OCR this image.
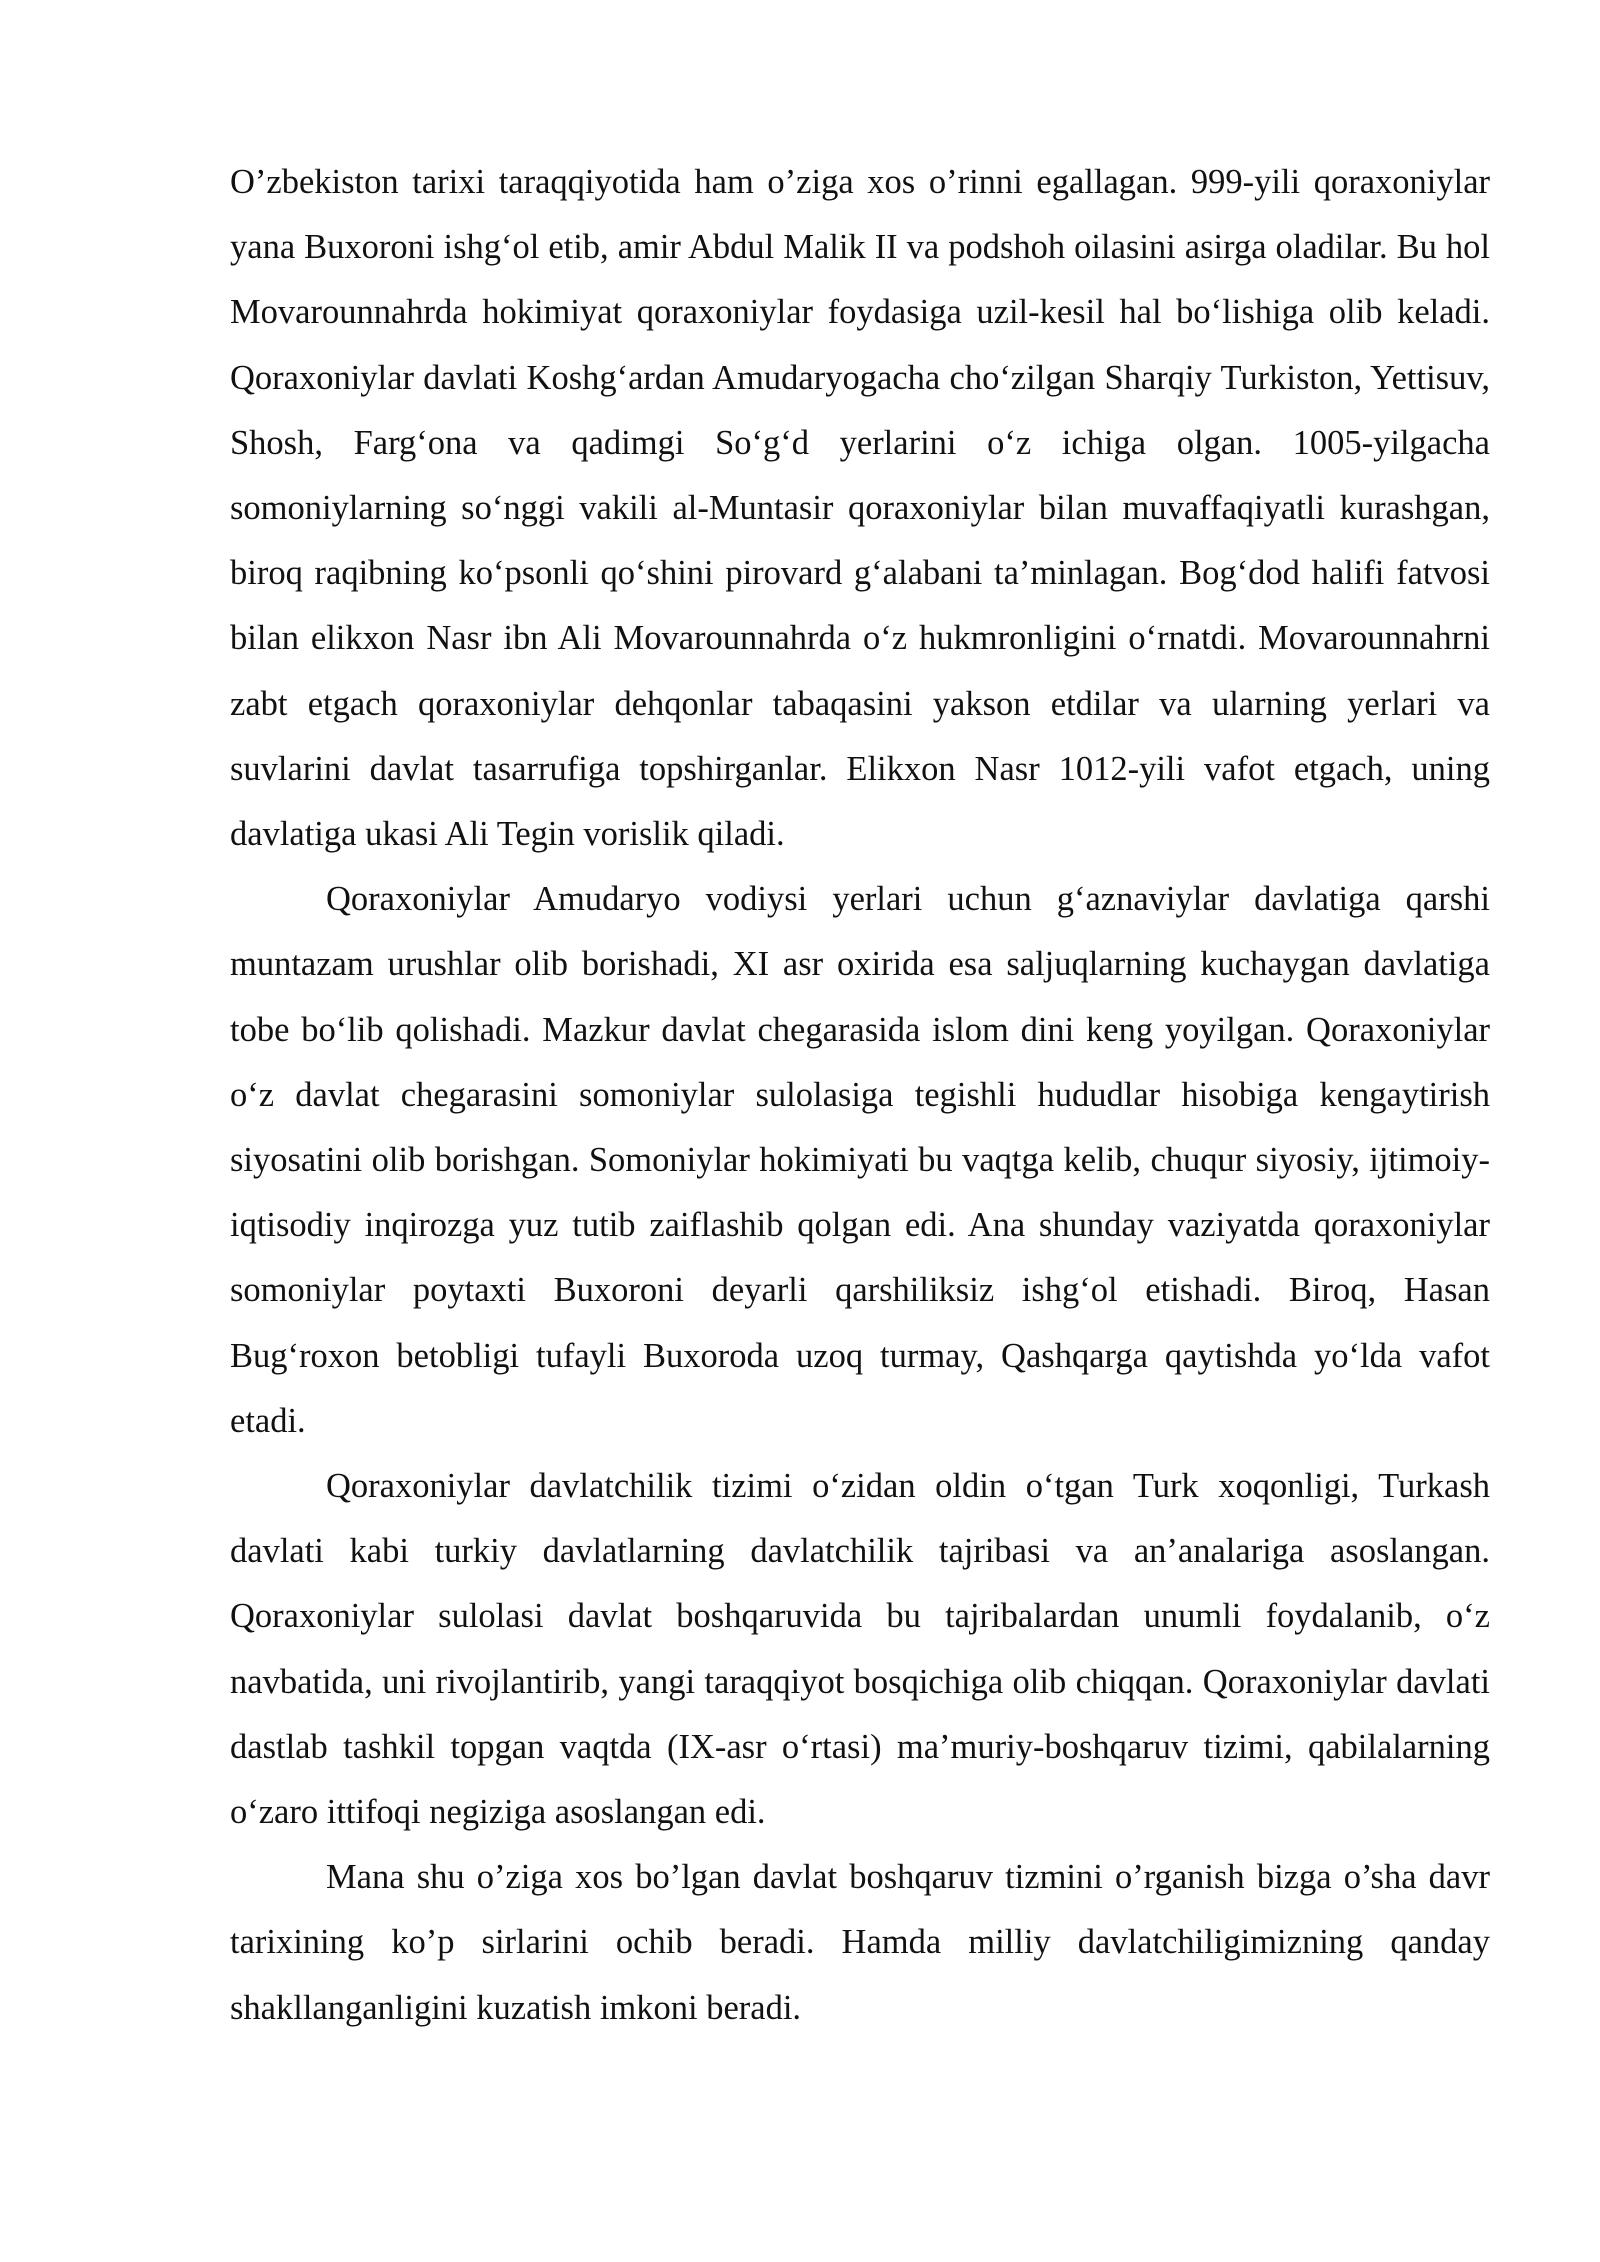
O’zbekiston tarixi taraqqiyotida ham o’ziga xos o’rinni egallagan. 999-yili qoraxoniylar yana Buxoroni ishg‘ol etib, amir Abdul Malik II va podshoh oilasini asirga oladilar. Bu hol Movarounnahrda hokimiyat qoraxoniylar foydasiga uzil-kesil hal bo‘lishiga olib keladi. Qoraxoniylar davlati Koshg‘ardan Amudaryogacha cho‘zilgan Sharqiy Turkiston, Yettisuv, Shosh, Farg‘ona va qadimgi So‘g‘d yerlarini o‘z ichiga olgan. 1005-yilgacha somoniylarning so‘nggi vakili al-Muntasir qoraxoniylar bilan muvaffaqiyatli kurashgan, biroq raqibning ko‘psonli qo‘shini pirovard g‘alabani ta’minlagan. Bog‘dod halifi fatvosi bilan elikxon Nasr ibn Ali Movarounnahrda o‘z hukmronligini o‘rnatdi. Movarounnahrni zabt etgach qoraxoniylar dehqonlar tabaqasini yakson etdilar va ularning yerlari va suvlarini davlat tasarrufiga topshirganlar. Elikxon Nasr 1012-yili vafot etgach, uning davlatiga ukasi Ali Tegin vorislik qiladi.

Qoraxoniylar Amudaryo vodiysi yerlari uchun g‘aznaviylar davlatiga qarshi muntazam urushlar olib borishadi, XI asr oxirida esa saljuqlarning kuchaygan davlatiga tobe bo‘lib qolishadi. Mazkur davlat chegarasida islom dini keng yoyilgan. Qoraxoniylar o‘z davlat chegarasini somoniylar sulolasiga tegishli hududlar hisobiga kengaytirish siyosatini olib borishgan. Somoniylar hokimiyati bu vaqtga kelib, chuqur siyosiy, ijtimoiy-iqtisodiy inqirozga yuz tutib zaiflashib qolgan edi. Ana shunday vaziyatda qoraxoniylar somoniylar poytaxti Buxoroni deyarli qarshiliksiz ishg‘ol etishadi. Biroq, Hasan Bug‘roxon betobligi tufayli Buxoroda uzoq turmay, Qashqarga qaytishda yo‘lda vafot etadi.

Qoraxoniylar davlatchilik tizimi o‘zidan oldin o‘tgan Turk xoqonligi, Turkash davlati kabi turkiy davlatlarning davlatchilik tajribasi va an’analariga asoslangan. Qoraxoniylar sulolasi davlat boshqaruvida bu tajribalardan unumli foydalanib, o‘z navbatida, uni rivojlantirib, yangi taraqqiyot bosqichiga olib chiqqan. Qoraxoniylar davlati dastlab tashkil topgan vaqtda (IX-asr o‘rtasi) ma’muriy-boshqaruv tizimi, qabilalarning o‘zaro ittifoqi negiziga asoslangan edi.

Mana shu o’ziga xos bo’lgan davlat boshqaruv tizmini o’rganish bizga o’sha davr tarixining ko’p sirlarini ochib beradi. Hamda milliy davlatchiligimizning qanday shakllanganligini kuzatish imkoni beradi.
